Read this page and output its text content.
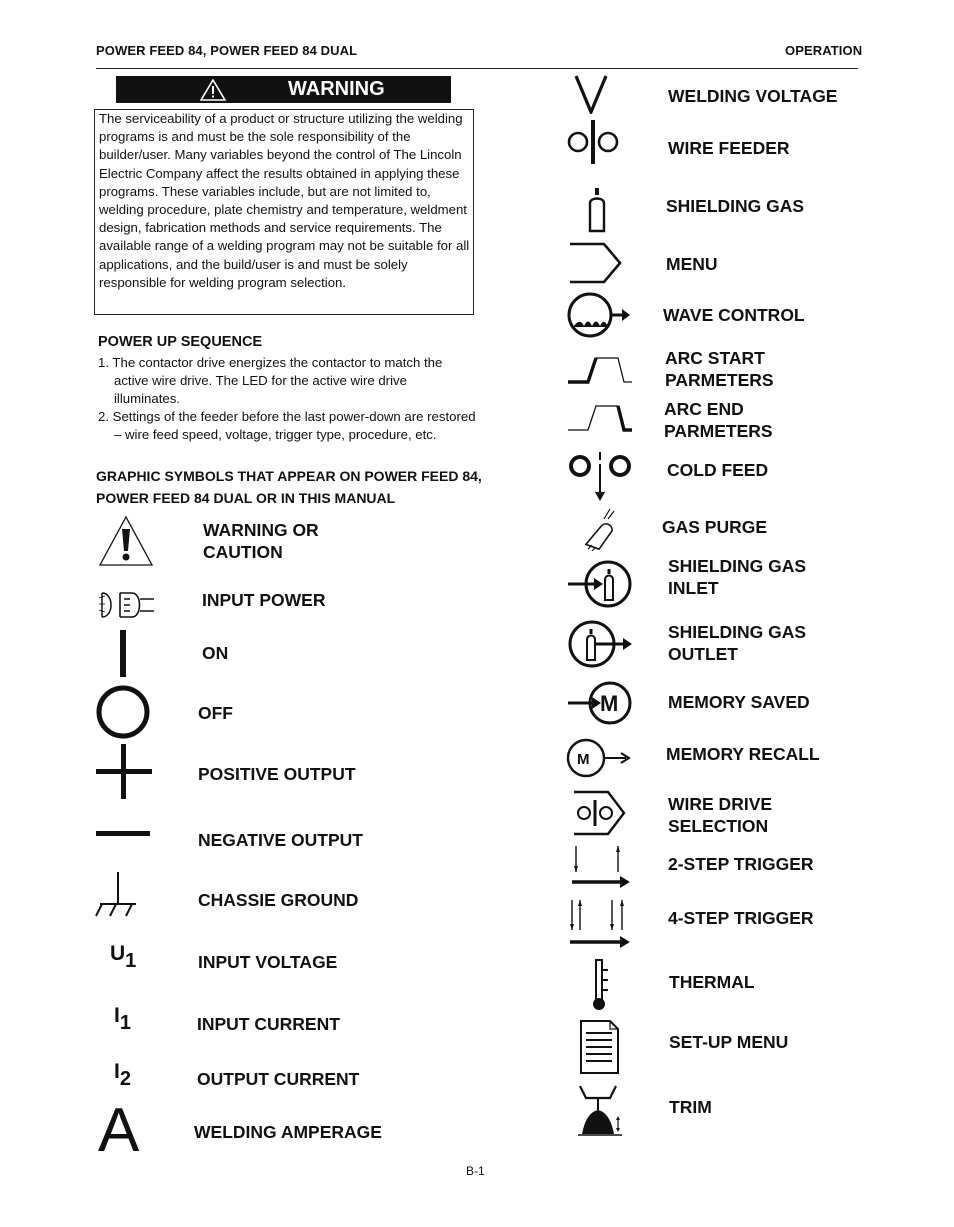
POWER FEED 84, POWER FEED 84 DUAL	OPERATION
WARNING
The serviceability of a product or structure utilizing the welding programs is and must be the sole responsibility of the builder/user. Many variables beyond the control of The Lincoln Electric Company affect the results obtained in applying these programs. These variables include, but are not limited to, welding procedure, plate chemistry and temperature, weldment design, fabrication methods and service requirements. The available range of a welding program may not be suitable for all applications, and the build/user is and must be solely responsible for welding program selection.
POWER UP SEQUENCE
1. The contactor drive energizes the contactor to match the active wire drive. The LED for the active wire drive illuminates.
2. Settings of the feeder before the last power-down are restored – wire feed speed, voltage, trigger type, procedure, etc.
GRAPHIC SYMBOLS THAT APPEAR ON POWER FEED 84,
POWER FEED 84 DUAL OR IN THIS MANUAL
WARNING OR
CAUTION
INPUT POWER
ON
OFF
POSITIVE OUTPUT
NEGATIVE OUTPUT
CHASSIE GROUND
U1	INPUT VOLTAGE
I1	INPUT CURRENT
I2	OUTPUT CURRENT
A	WELDING AMPERAGE
WELDING VOLTAGE
WIRE FEEDER
SHIELDING GAS
MENU
WAVE CONTROL
ARC START
PARMETERS
ARC END
PARMETERS
COLD FEED
GAS PURGE
SHIELDING GAS
INLET
SHIELDING GAS
OUTLET
M	MEMORY SAVED
M	MEMORY RECALL
WIRE DRIVE
SELECTION
2-STEP TRIGGER
4-STEP TRIGGER
THERMAL
SET-UP MENU
TRIM
B-1
